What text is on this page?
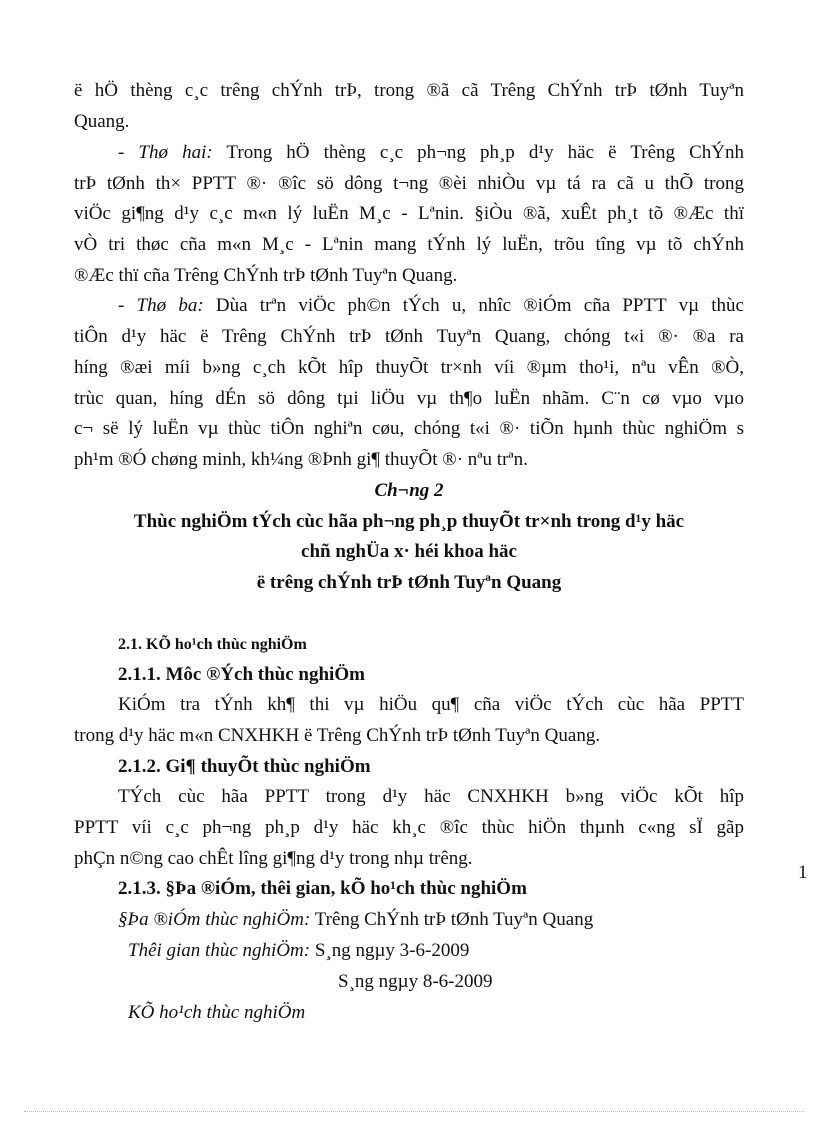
ë hÖ thèng c¸c trêng chÝnh trÞ, trong ®ã cã Trêng ChÝnh trÞ tØnh Tuyªn
Quang.
- Thø hai: Trong hÖ thèng c¸c ph¬ng ph¸p d¹y häc ë Trêng ChÝnh
trÞ tØnh th× PPTT ®· ®îc sö dông t¬ng ®èi nhiÒu vµ tá ra cã u thÕ trong
viÖc gi¶ng d¹y c¸c m«n lý luËn M¸c - Lªnin. §iÒu ®ã, xuÊt ph¸t tõ ®Æc thï
vÒ tri thøc cña m«n M¸c - Lªnin mang tÝnh lý luËn, trõu tîng vµ tõ chÝnh
®Æc thï cña Trêng ChÝnh trÞ tØnh Tuyªn Quang.
- Thø ba: Dùa trªn viÖc ph©n tÝch u, nhîc ®iÓm cña PPTT vµ thùc
tiÔn d¹y häc ë Trêng ChÝnh trÞ tØnh Tuyªn Quang, chóng t«i ®· ®a ra
híng ®æi míi b»ng c¸ch kÕt hîp thuyÕt tr×nh víi ®µm tho¹i, nªu vÊn ®Ò,
trùc quan, híng dÉn sö dông tµi liÖu vµ th¶o luËn nhãm. C¨n cø vµo vµo
c¬ së lý luËn vµ thùc tiÔn nghiªn cøu, chóng t«i ®· tiÕn hµnh thùc nghiÖm s
ph¹m ®Ó chøng minh, kh¼ng ®Þnh gi¶ thuyÕt ®· nªu trªn.
Ch¬ng 2
Thùc nghiÖm tÝch cùc hãa ph¬ng ph¸p thuyÕt tr×nh trong d¹y häc
chñ nghÜa x· héi khoa häc
ë trêng chÝnh trÞ tØnh Tuyªn Quang
2.1. KÕ ho¹ch thùc nghiÖm
2.1.1. Môc ®Ých thùc nghiÖm
KiÓm tra tÝnh kh¶ thi vµ hiÖu qu¶ cña viÖc tÝch cùc hãa PPTT
trong d¹y häc m«n CNXHKH ë Trêng ChÝnh trÞ tØnh Tuyªn Quang.
2.1.2. Gi¶ thuyÕt thùc nghiÖm
TÝch cùc hãa PPTT trong d¹y häc CNXHKH b»ng viÖc kÕt hîp
PPTT víi c¸c ph¬ng ph¸p d¹y häc kh¸c ®îc thùc hiÖn thµnh c«ng sÏ gãp
phÇn n©ng cao chÊt lîng gi¶ng d¹y trong nhµ trêng.
2.1.3. §Þa ®iÓm, thêi gian, kÕ ho¹ch thùc nghiÖm
§Þa ®iÓm thùc nghiÖm: Trêng ChÝnh trÞ tØnh Tuyªn Quang
Thêi gian thùc nghiÖm: S¸ng ngµy 3-6-2009
S¸ng ngµy 8-6-2009
KÕ ho¹ch thùc nghiÖm
1
